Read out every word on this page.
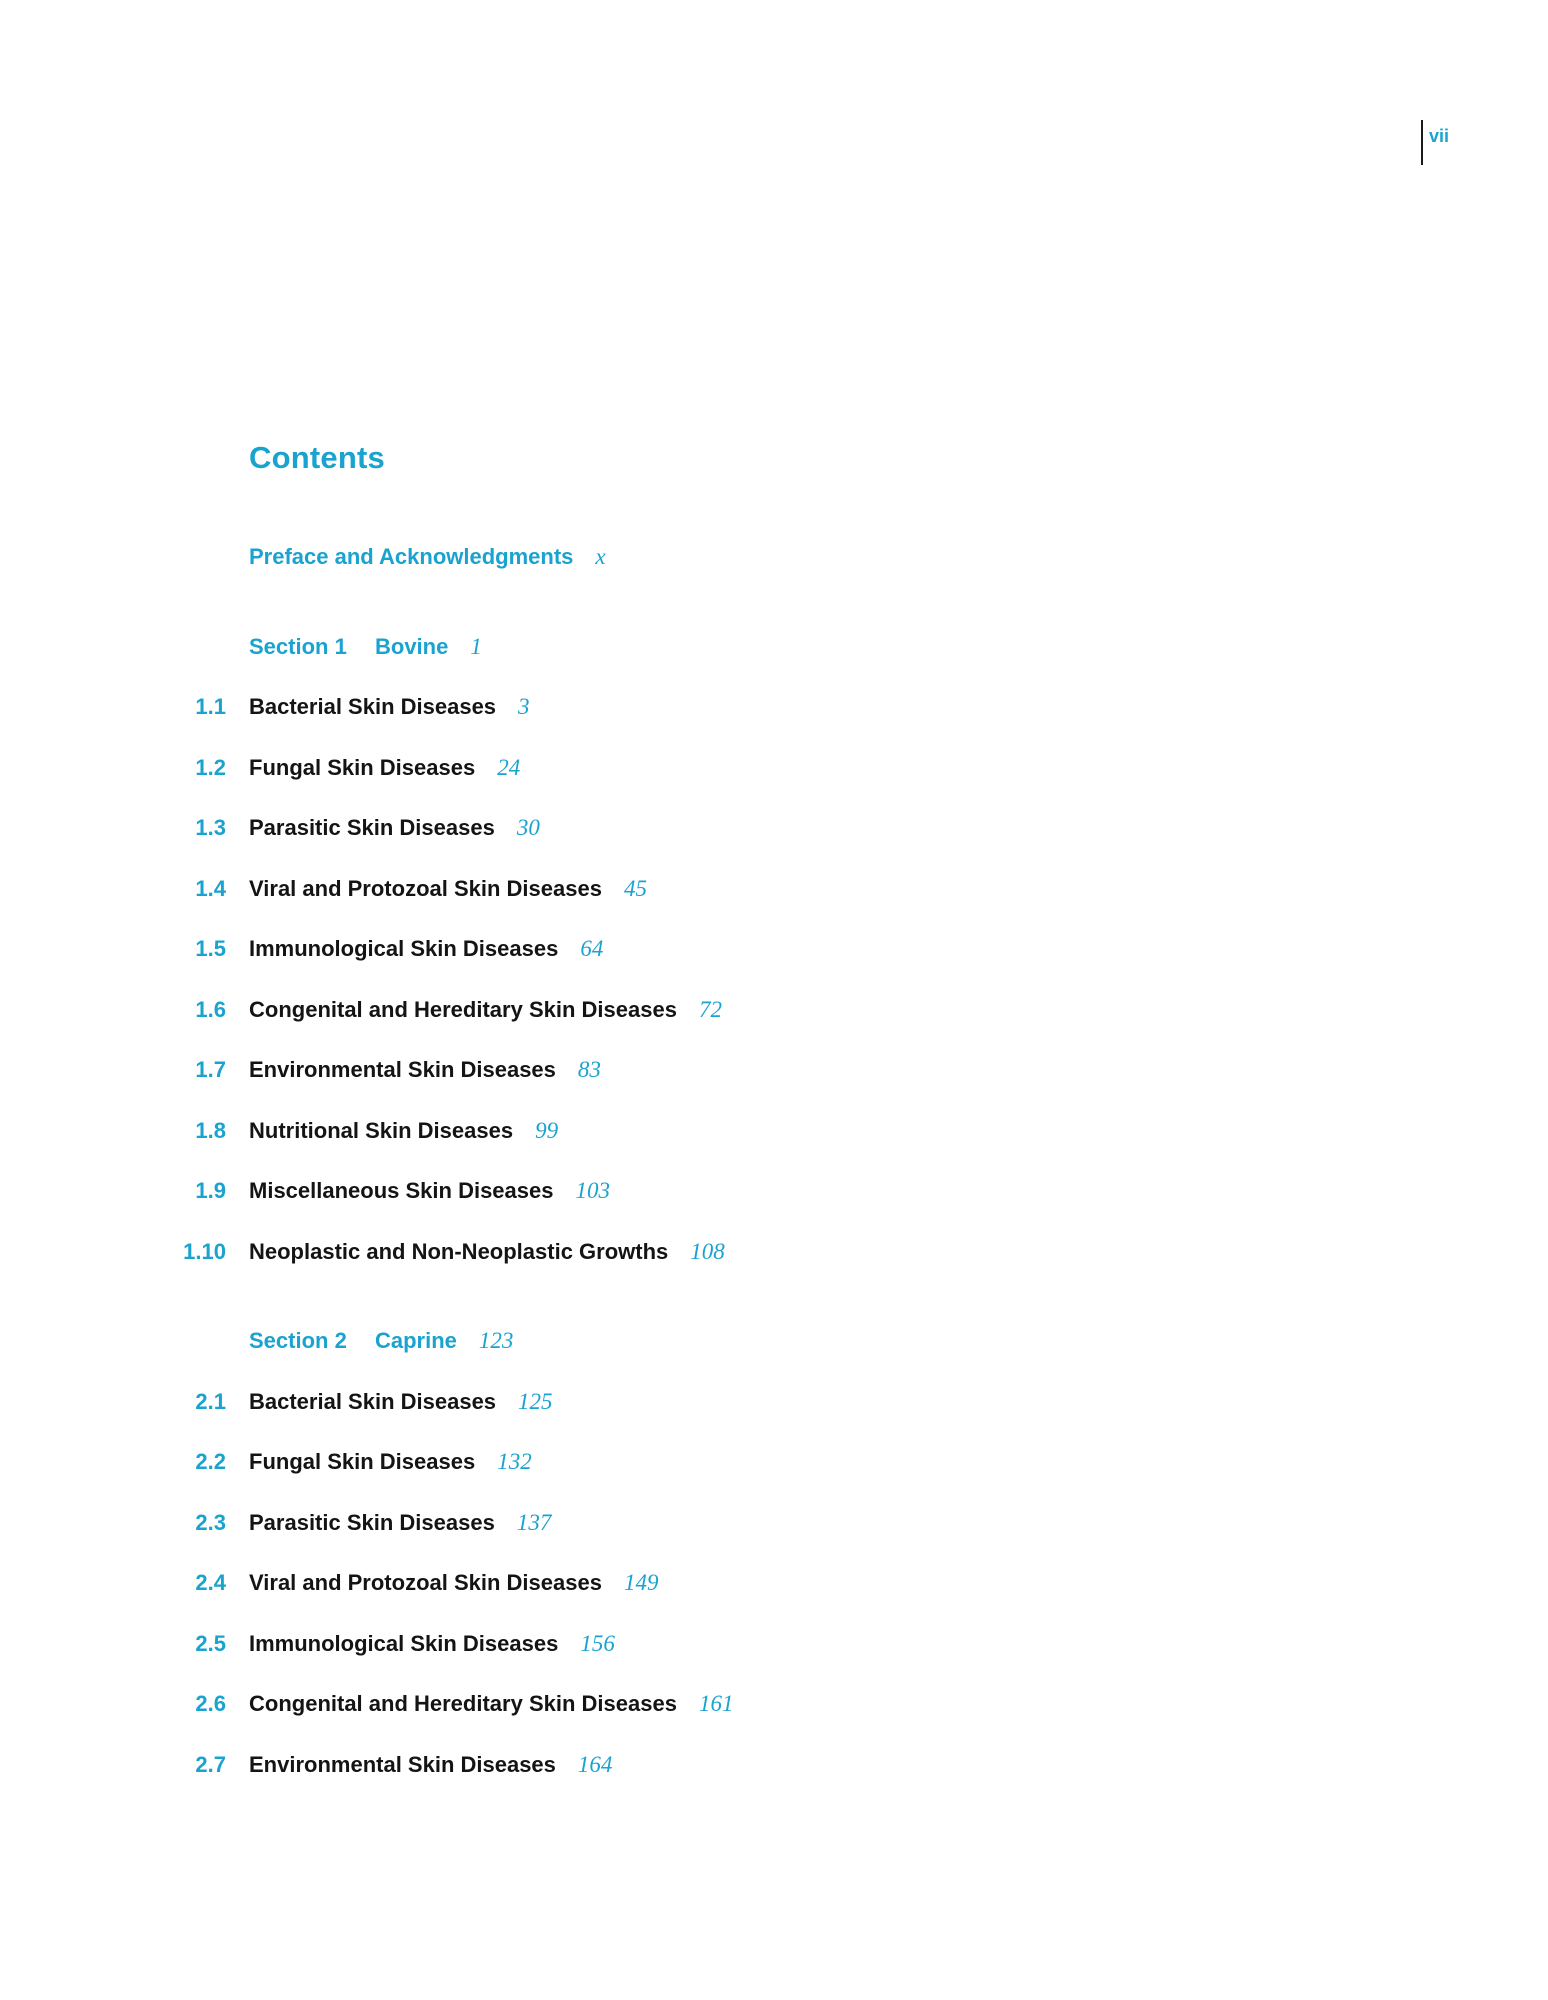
vii
Contents
Preface and Acknowledgments x
Section 1	Bovine 1
1.1 Bacterial Skin Diseases 3
1.2 Fungal Skin Diseases 24
1.3 Parasitic Skin Diseases 30
1.4 Viral and Protozoal Skin Diseases 45
1.5 Immunological Skin Diseases 64
1.6 Congenital and Hereditary Skin Diseases 72
1.7 Environmental Skin Diseases 83
1.8 Nutritional Skin Diseases 99
1.9 Miscellaneous Skin Diseases 103
1.10 Neoplastic and Non-Neoplastic Growths 108
Section 2	Caprine 123
2.1 Bacterial Skin Diseases 125
2.2 Fungal Skin Diseases 132
2.3 Parasitic Skin Diseases 137
2.4 Viral and Protozoal Skin Diseases 149
2.5 Immunological Skin Diseases 156
2.6 Congenital and Hereditary Skin Diseases 161
2.7 Environmental Skin Diseases 164
